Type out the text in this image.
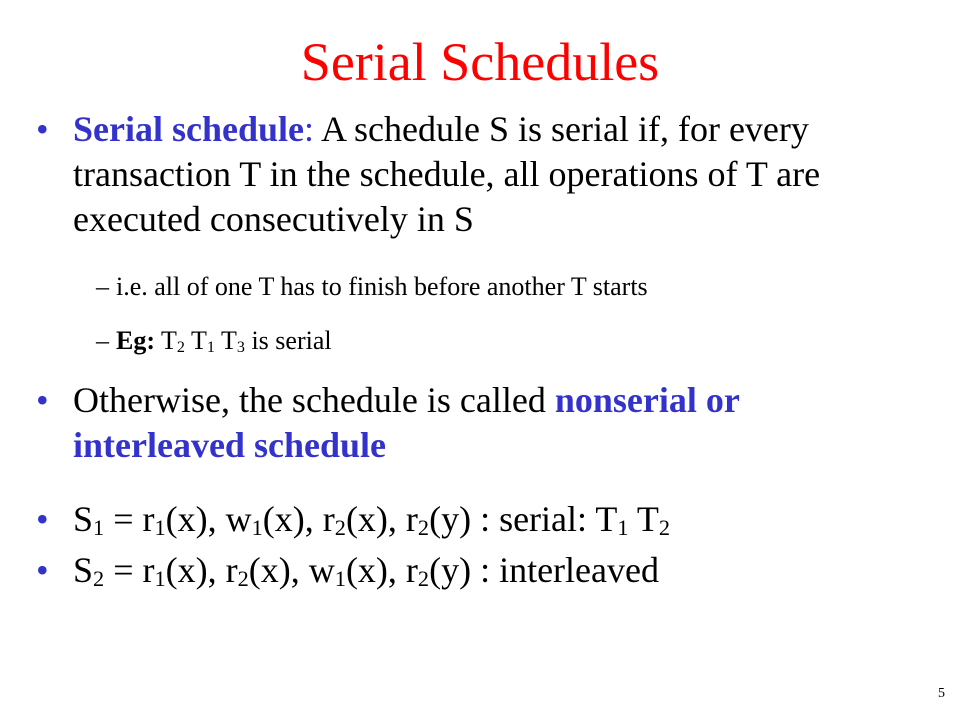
Serial Schedules
• Serial schedule: A schedule S is serial if, for every transaction T in the schedule, all operations of T are executed consecutively in S
– i.e. all of one T has to finish before another T starts
– Eg: $T_2$ $T_1$ $T_3$ is serial
• Otherwise, the schedule is called nonserial or interleaved schedule
• $S_1 = r_1(x)$, $w_1(x)$, $r_2(x)$, $r_2(y)$ : serial: $T_1$ $T_2$
• $S_2 = r_1(x)$, $r_2(x)$, $w_1(x)$, $r_2(y)$ : interleaved
5
